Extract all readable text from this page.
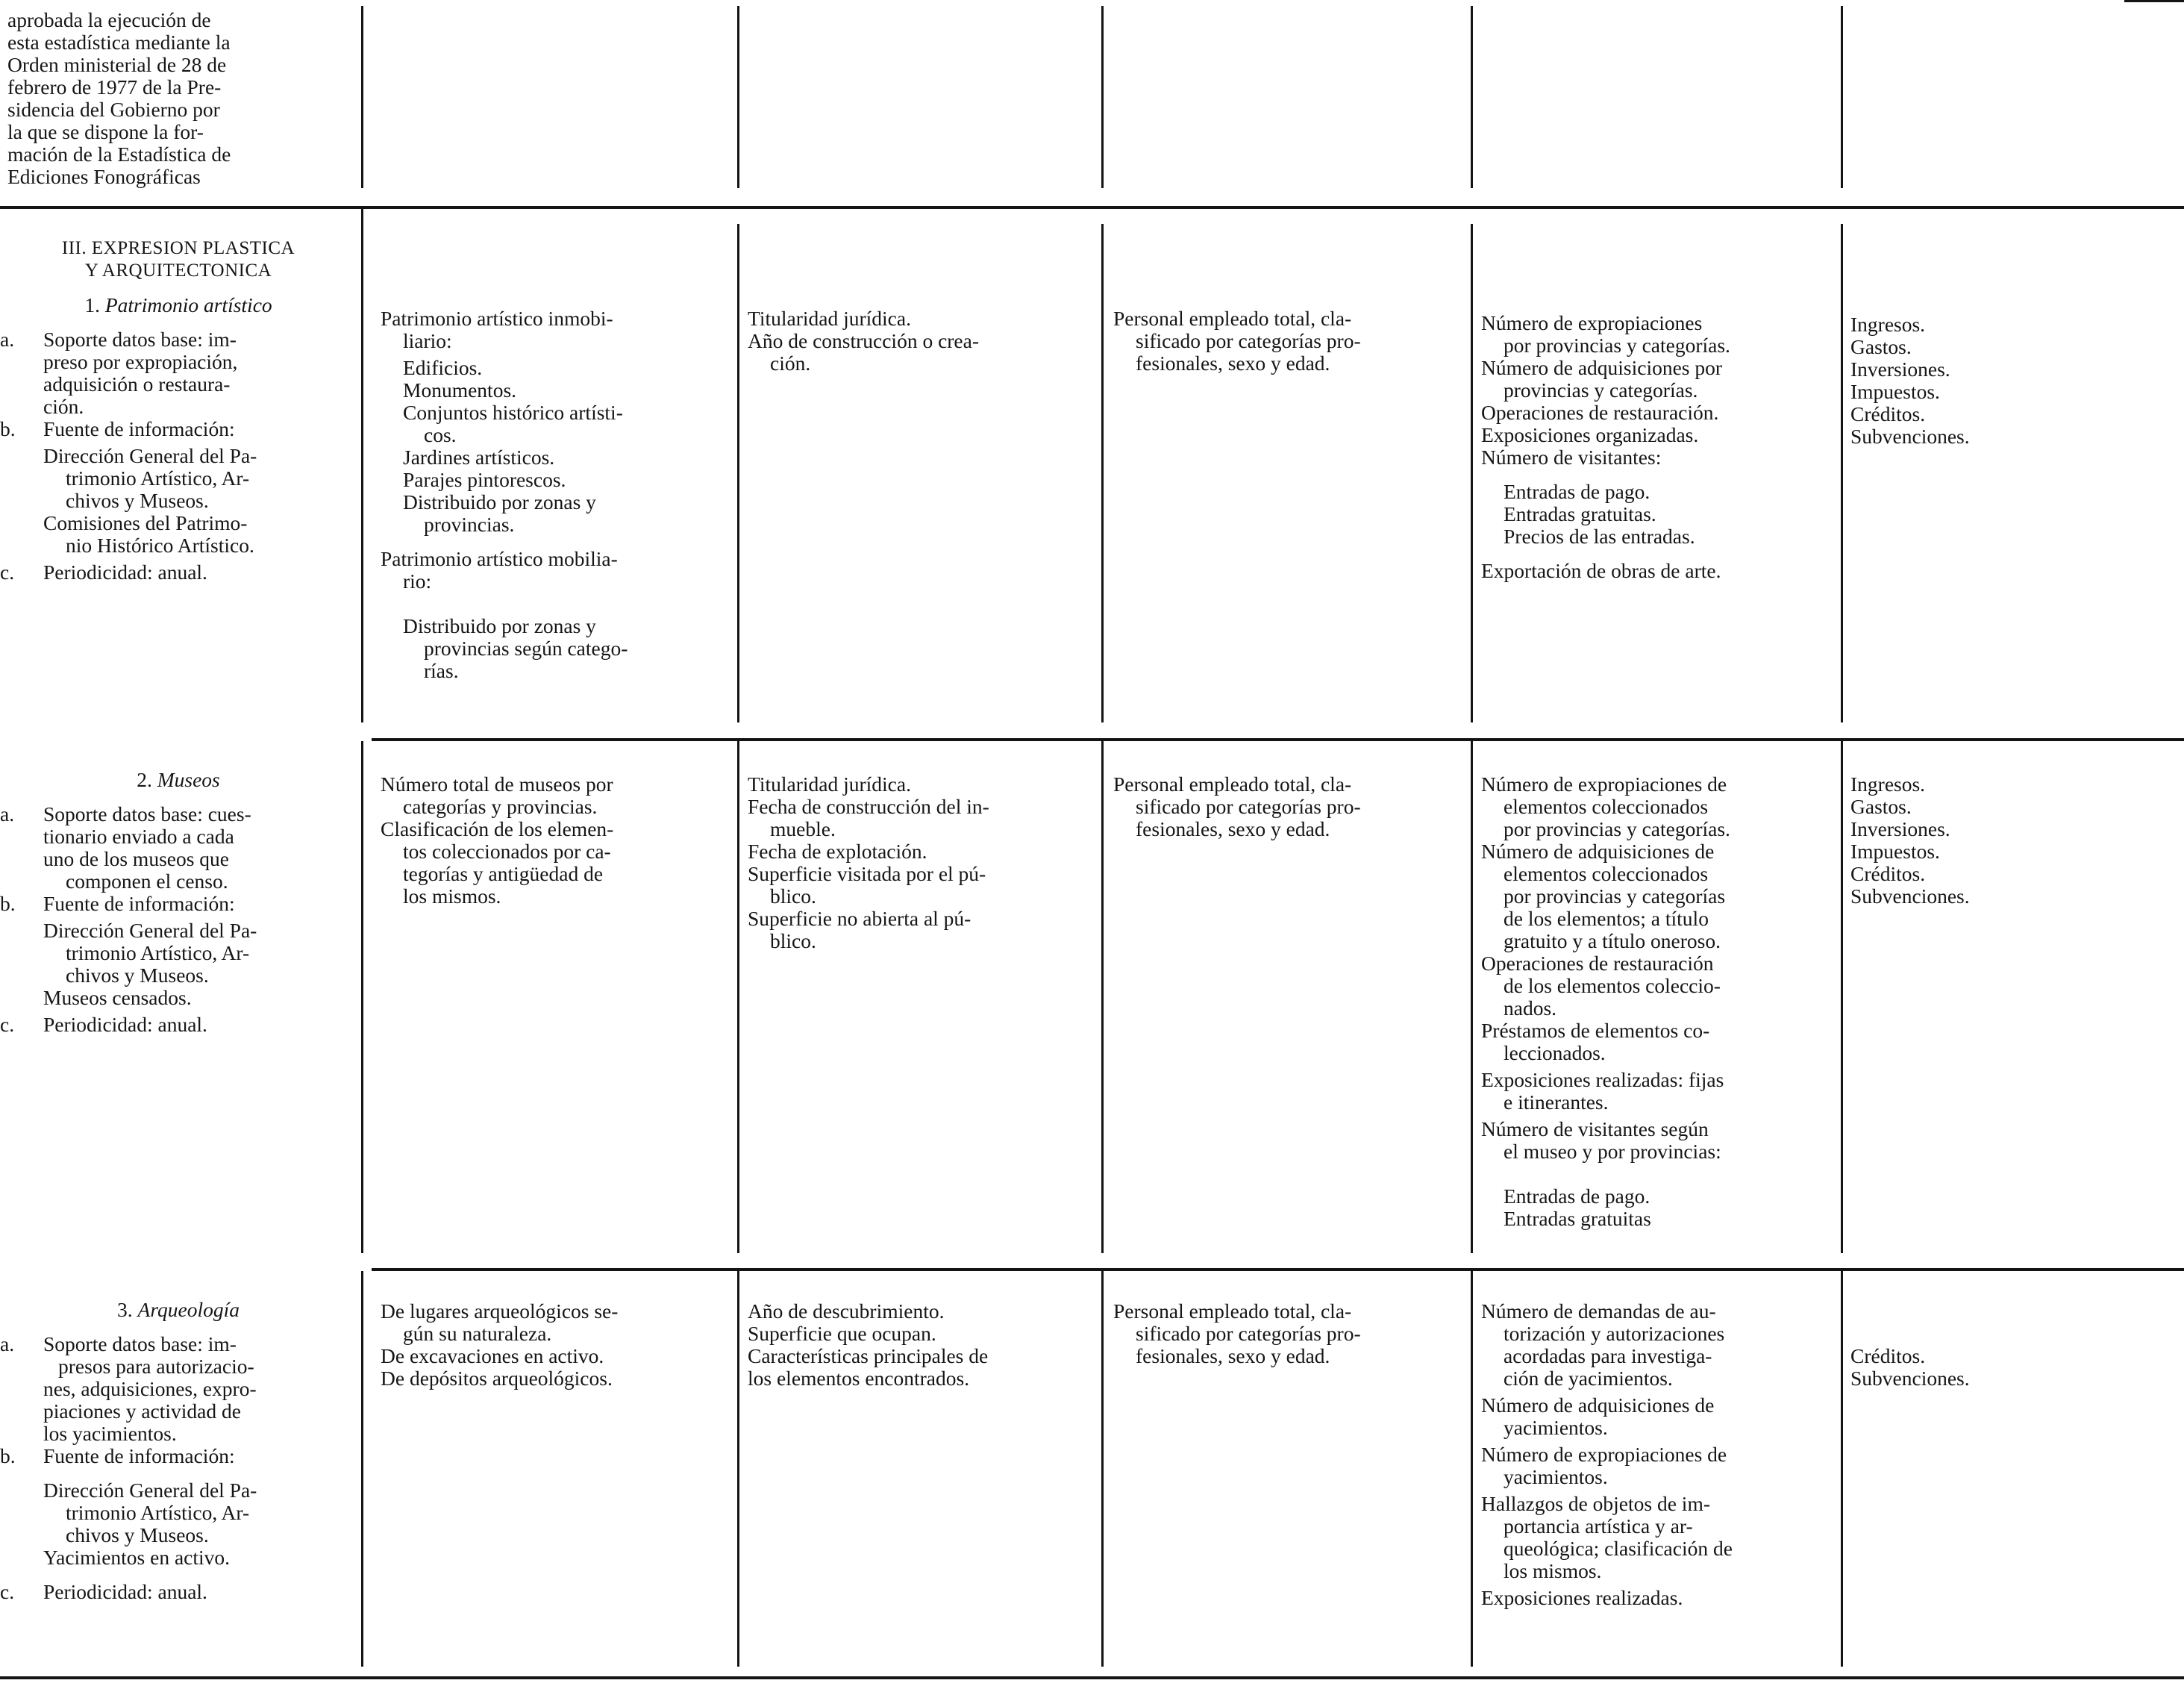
aprobada la ejecución de
esta estadística mediante la
Orden ministerial de 28 de
febrero de 1977 de la Pre-
sidencia del Gobierno por
la que se dispone la for-
mación de la Estadística de
Ediciones Fonográficas
III. EXPRESION PLASTICA
Y ARQUITECTONICA
1. Patrimonio artístico
a. Soporte datos base: im-
preso por expropiación,
adquisición o restaura-
ción.
b. Fuente de información:
Dirección General del Pa-
trimonio Artístico, Ar-
chivos y Museos.
Comisiones del Patrimo-
nio Histórico Artístico.
c. Periodicidad: anual.
Patrimonio artístico inmobi-
liario:
Edificios.
Monumentos.
Conjuntos histórico artísti-
cos.
Jardines artísticos.
Parajes pintorescos.
Distribuido por zonas y
provincias.
Patrimonio artístico mobilia-
rio:
Distribuido por zonas y
provincias según catego-
rías.
Titularidad jurídica.
Año de construcción o crea-
ción.
Personal empleado total, cla-
sificado por categorías pro-
fesionales, sexo y edad.
Número de expropiaciones
por provincias y categorías.
Número de adquisiciones por
provincias y categorías.
Operaciones de restauración.
Exposiciones organizadas.
Número de visitantes:
Entradas de pago.
Entradas gratuitas.
Precios de las entradas.
Exportación de obras de arte.
Ingresos.
Gastos.
Inversiones.
Impuestos.
Créditos.
Subvenciones.
2. Museos
a. Soporte datos base: cues-
tionario enviado a cada
uno de los museos que
componen el censo.
b. Fuente de información:
Dirección General del Pa-
trimonio Artístico, Ar-
chivos y Museos.
Museos censados.
c. Periodicidad: anual.
Número total de museos por
categorías y provincias.
Clasificación de los elemen-
tos coleccionados por ca-
tegorías y antigüedad de
los mismos.
Titularidad jurídica.
Fecha de construcción del in-
mueble.
Fecha de explotación.
Superficie visitada por el pú-
blico.
Superficie no abierta al pú-
blico.
Personal empleado total, cla-
sificado por categorías pro-
fesionales, sexo y edad.
Número de expropiaciones de
elementos coleccionados
por provincias y categorías.
Número de adquisiciones de
elementos coleccionados
por provincias y categorías
de los elementos; a título
gratuito y a título oneroso.
Operaciones de restauración
de los elementos coleccio-
nados.
Préstamos de elementos co-
leccionados.
Exposiciones realizadas: fijas
e itinerantes.
Número de visitantes según
el museo y por provincias:
Entradas de pago.
Entradas gratuitas
Ingresos.
Gastos.
Inversiones.
Impuestos.
Créditos.
Subvenciones.
3. Arqueología
a. Soporte datos base: im-
presos para autorizacio-
nes, adquisiciones, expro-
piaciones y actividad de
los yacimientos.
b. Fuente de información:
Dirección General del Pa-
trimonio Artístico, Ar-
chivos y Museos.
Yacimientos en activo.
c. Periodicidad: anual.
De lugares arqueológicos se-
gún su naturaleza.
De excavaciones en activo.
De depósitos arqueológicos.
Año de descubrimiento.
Superficie que ocupan.
Características principales de
los elementos encontrados.
Personal empleado total, cla-
sificado por categorías pro-
fesionales, sexo y edad.
Número de demandas de au-
torización y autorizaciones
acordadas para investiga-
ción de yacimientos.
Número de adquisiciones de
yacimientos.
Número de expropiaciones de
yacimientos.
Hallazgos de objetos de im-
portancia artística y ar-
queológica; clasificación de
los mismos.
Exposiciones realizadas.
Créditos.
Subvenciones.
